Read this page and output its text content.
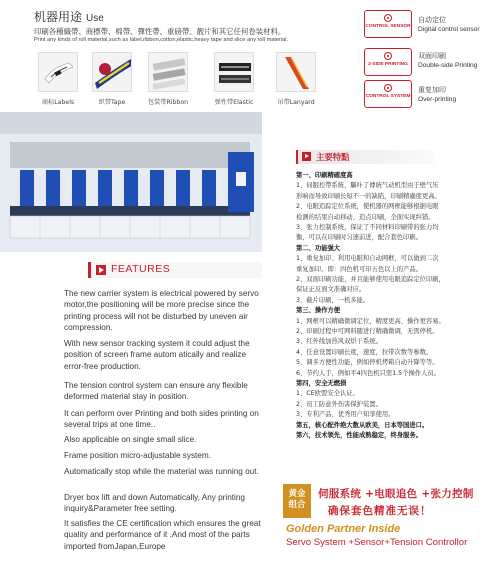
机器用途 Use
印刷各種織帶、商標帶、棉帶、彈性帶、重磅帶、靓片和其它任何卷装材料。
Print any kinds of roll material,such as label,ribbon,cotton,elastic,heavy tape and slice any roll material.
商标Labels	织带Tape	包装带Ribbon	弹性带Elastic	吊带Lanyard
CONTROL SENSOR
自动定位
Digital control sensor
2-SIDE PRINTING
双面印刷
Double-side Printing
CONTROL SYSTEM
重复加印
Over-printing
FEATURES
The new carrier system is electrical powered by servo motor,the positioning will be more precise since the printing process will not be disturbed by uneven air compression.
With new sensor tracking system it could adjust the position of screen frame autom atically and realize error-free production.
The tension control system can ensure any flexible deformed material stay in position.
It can perform over Printing and both sides printing on several trips at one time..
Also applicable on single small slice.
Frame position micro-adjustable system.
Automatically stop while the material was running out.
Dryer box lift and down Automatically, Any printing inquiry&Parameter free setting.
It satisfies the CE certification which ensures the great quality and performance of it ,And most of the parts imported fromJapan,Europe
主要特點
第一、印刷精確度高
1、伺服控帶系統，驅卟了傳統气动机型由于壁气压
形响而导致印刷长短不一的缺陷，印刷精确度更高。
2、电眼追踪定位系统，使机器的网框能够根据电眼
检测的结果自动移动、追点印刷，全面实现纠错。
3、张力控制系统，保证了不同材料印刷带的张力均
衡，可以在印刷时匀速前进，配合套色印刷。
第二、功能强大
1、重复加印、利用电眼和自动网框，可以做到二次
重复加印。即：四色机可印五色以上的产品。
2、双面印刷功能，并且能够使用电眼追踪定位印刷，
保证正反面文准确对应。
3、截片印刷，一机多能。
第三、操作方便
1、网框可以精确微调定位，精度更高、操作更容易。
2、印刷过程中可网料随进行精确微调，无需停机。
3、红外线加热风双烘干系统。
4、任意设置印刷长度，速度，拉带次数等参数。
5、调多方便性功能，例如停机烤箱自动升降等等。
6、节约人手，例如平4四色机只需1.5个操作人员。
第四，安全无燃损
1、CE欧盟安全认证。
2、员工防意外伤害保护装置。
3、专利产品，优秀用户知享使用。
第五，核心配件绝大数从欧美，日本等国进口。
第六，技术领先，性能成熟稳定，终身服务。
黄金
组合
伺服系统 +电眼追色 +张力控制
确保套色精准无误！
Golden Partner Inside
Servo System +Sensor+Tension Controllor
